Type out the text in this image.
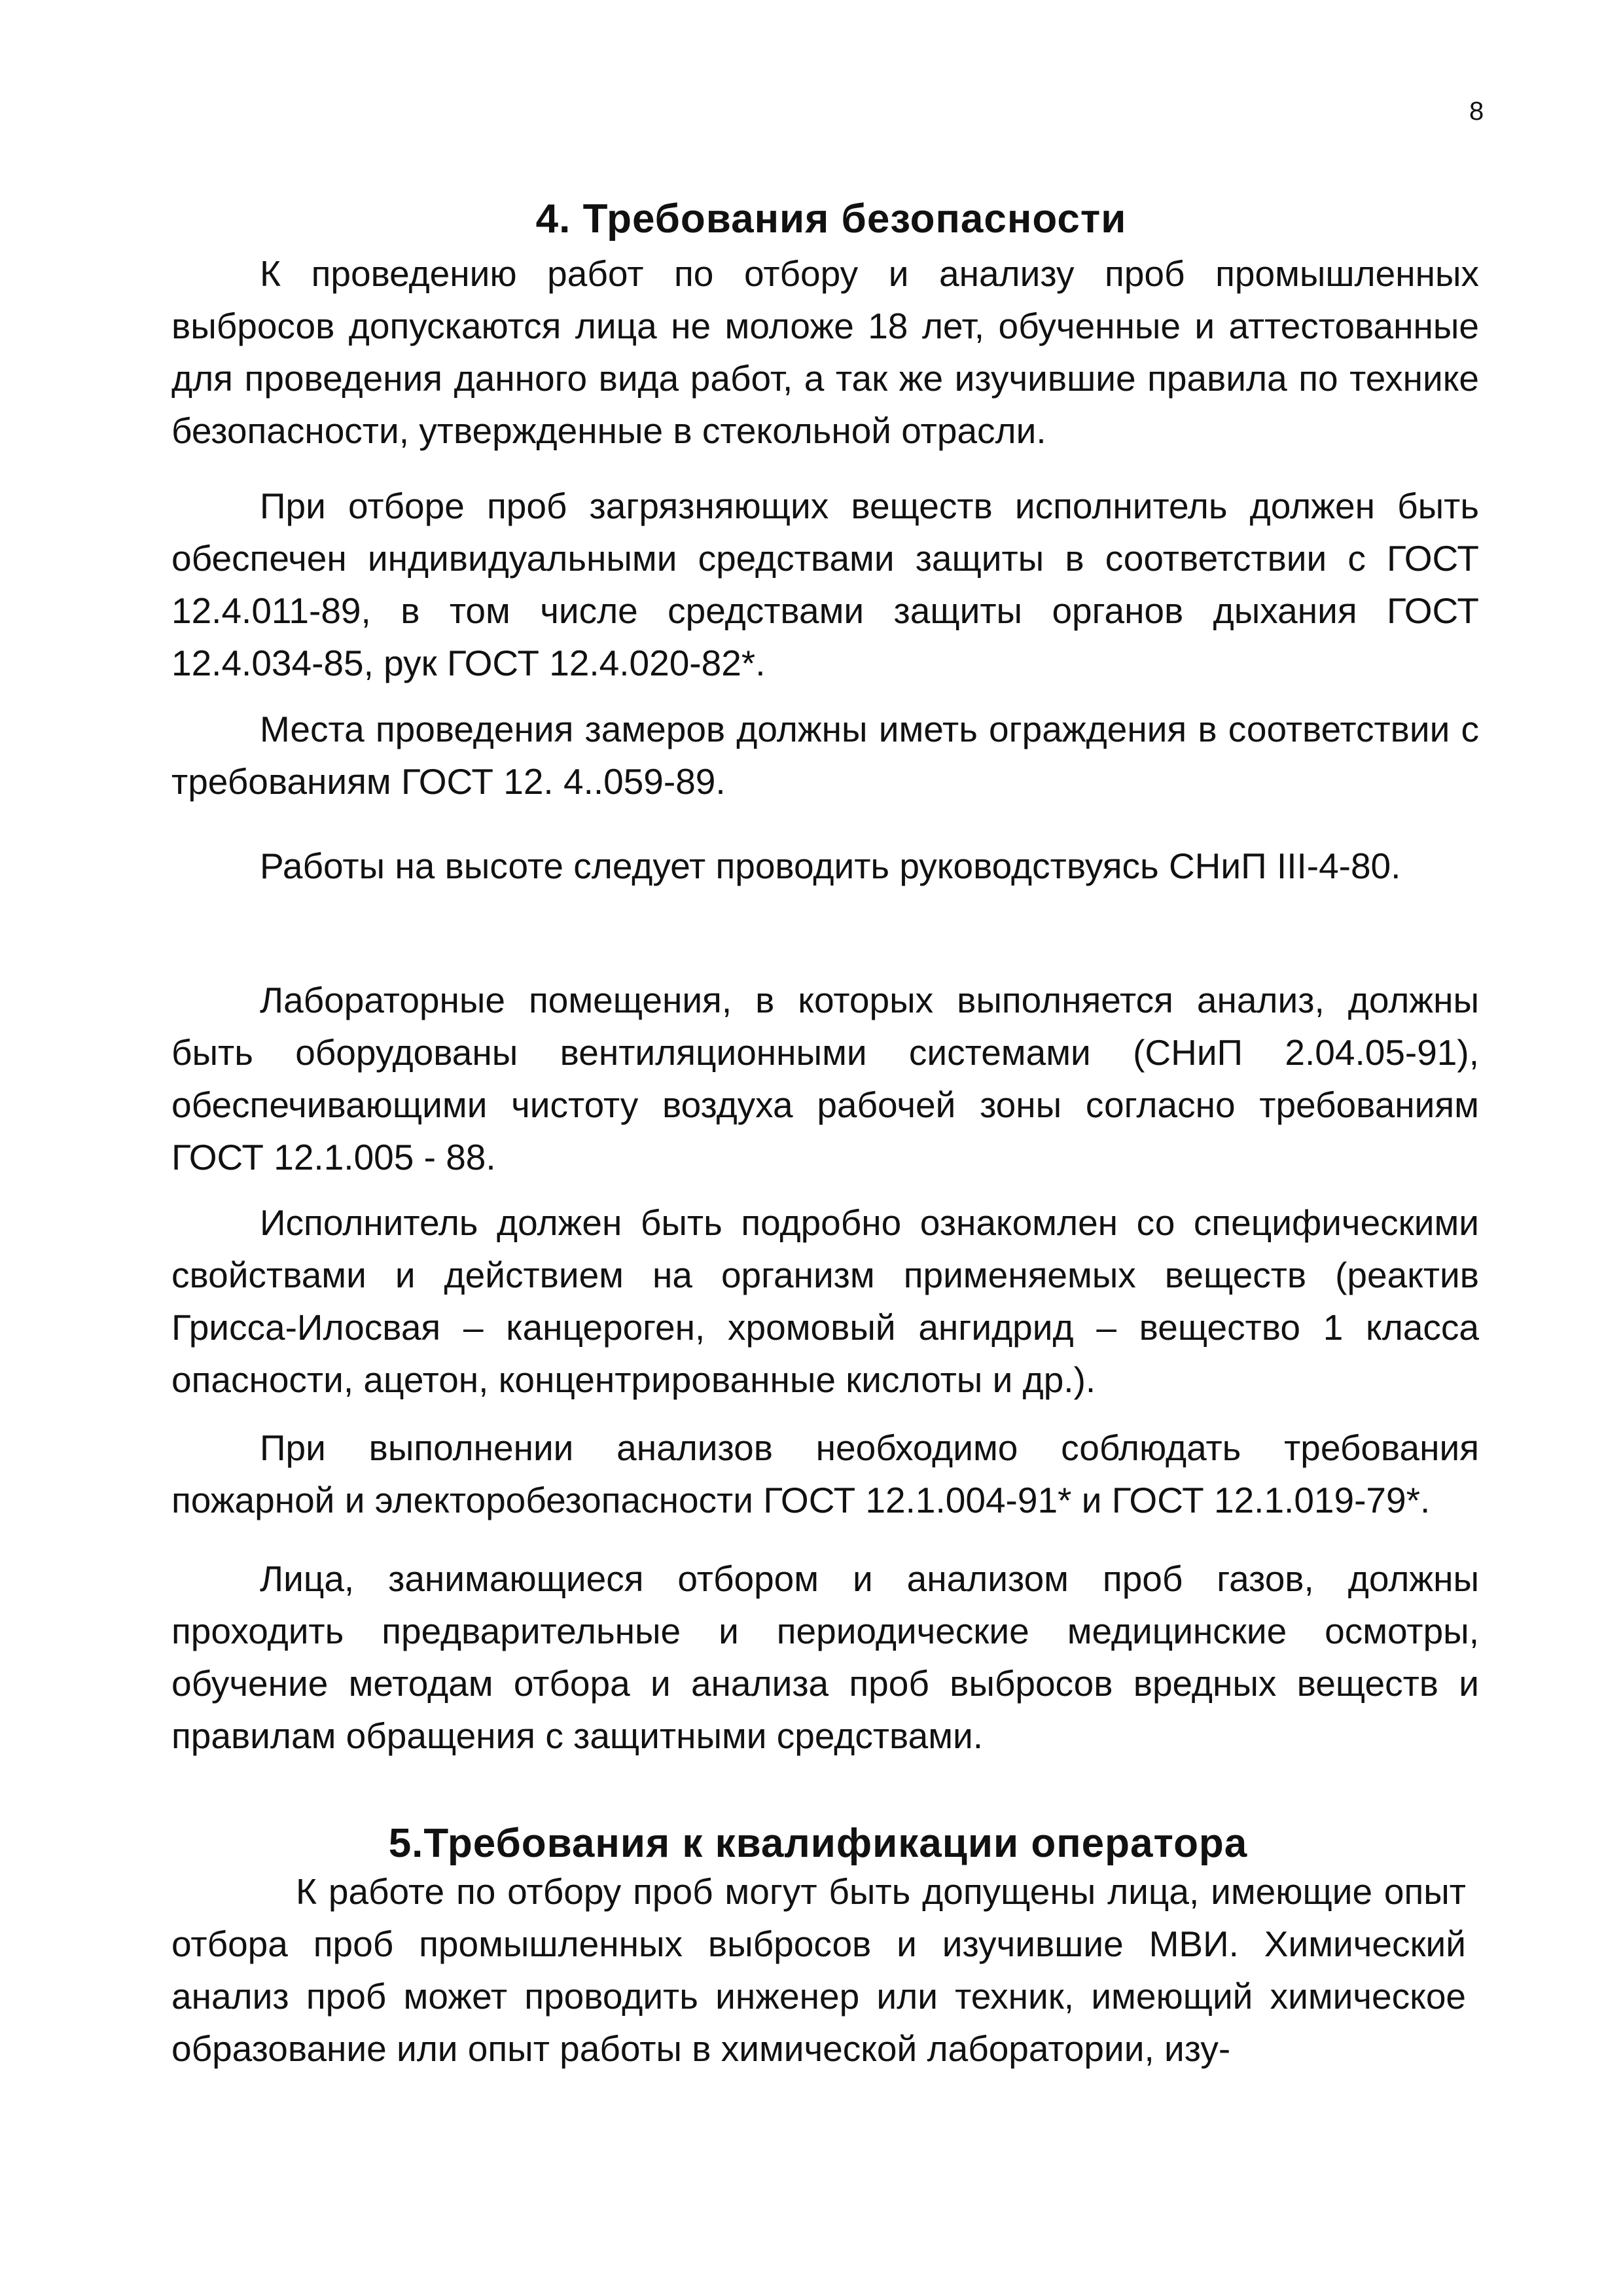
8
4. Требования безопасности

К проведению работ по отбору и анализу проб промышленных выбросов допускаются лица не моложе 18 лет, обученные и аттестованные для проведения данного вида работ, а так же изучившие правила по технике безопасности, утвержденные в стекольной отрасли.

При отборе проб загрязняющих веществ исполнитель должен быть обеспечен индивидуальными средствами защиты в соответствии с ГОСТ 12.4.011-89, в том числе средствами защиты органов дыхания ГОСТ 12.4.034-85, рук ГОСТ 12.4.020-82*.

Места проведения замеров должны иметь ограждения в соответствии с требованиям ГОСТ 12. 4..059-89.

Работы на высоте следует проводить руководствуясь СНиП III-4-80.

Лабораторные помещения, в которых выполняется анализ, должны быть оборудованы вентиляционными системами (СНиП 2.04.05-91), обеспечивающими чистоту воздуха рабочей зоны согласно требованиям ГОСТ 12.1.005 - 88.

Исполнитель должен быть подробно ознакомлен со специфическими свойствами и действием на организм применяемых веществ (реактив Грисса-Илосвая – канцероген, хромовый ангидрид – вещество 1 класса опасности, ацетон, концентрированные кислоты и др.).

При выполнении анализов необходимо соблюдать требования пожарной и электоробезопасности ГОСТ 12.1.004-91* и ГОСТ 12.1.019-79*.

Лица, занимающиеся отбором и анализом проб газов, должны проходить предварительные и периодические медицинские осмотры, обучение методам отбора и анализа проб выбросов вредных веществ и правилам обращения с защитными средствами.

5.Требования к квалификации оператора

К работе по отбору проб могут быть допущены лица, имеющие опыт отбора проб промышленных выбросов и изучившие МВИ. Химический анализ проб может проводить инженер или техник, имеющий химическое образование или опыт работы в химической лаборатории, изу-
